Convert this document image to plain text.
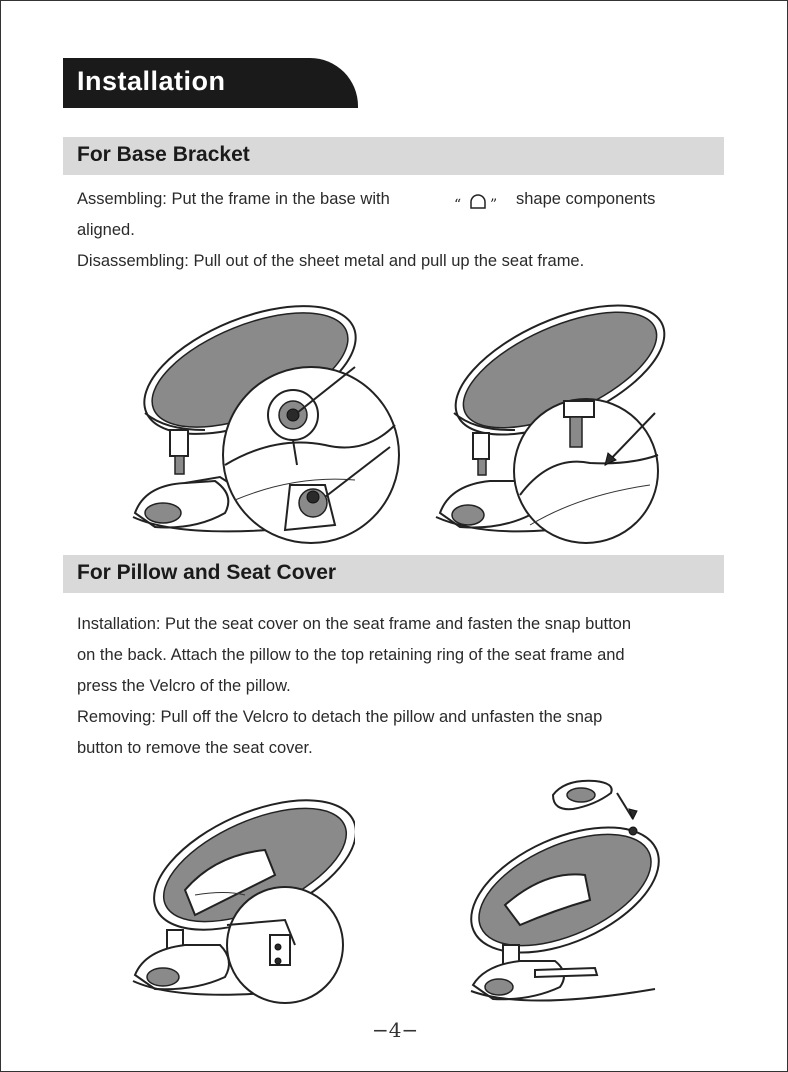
Installation
For Base Bracket
Assembling: Put the frame in the base with	“ ” shape components
aligned.
Disassembling: Pull out of the sheet metal and pull up the seat frame.
For Pillow and Seat Cover
Installation: Put the seat cover on the seat frame and fasten the snap button
on the back. Attach the pillow to the top retaining ring of the seat frame and
press the Velcro of the pillow.
Removing: Pull off the Velcro to detach the pillow and unfasten the snap
button to remove the seat cover.
−4−
